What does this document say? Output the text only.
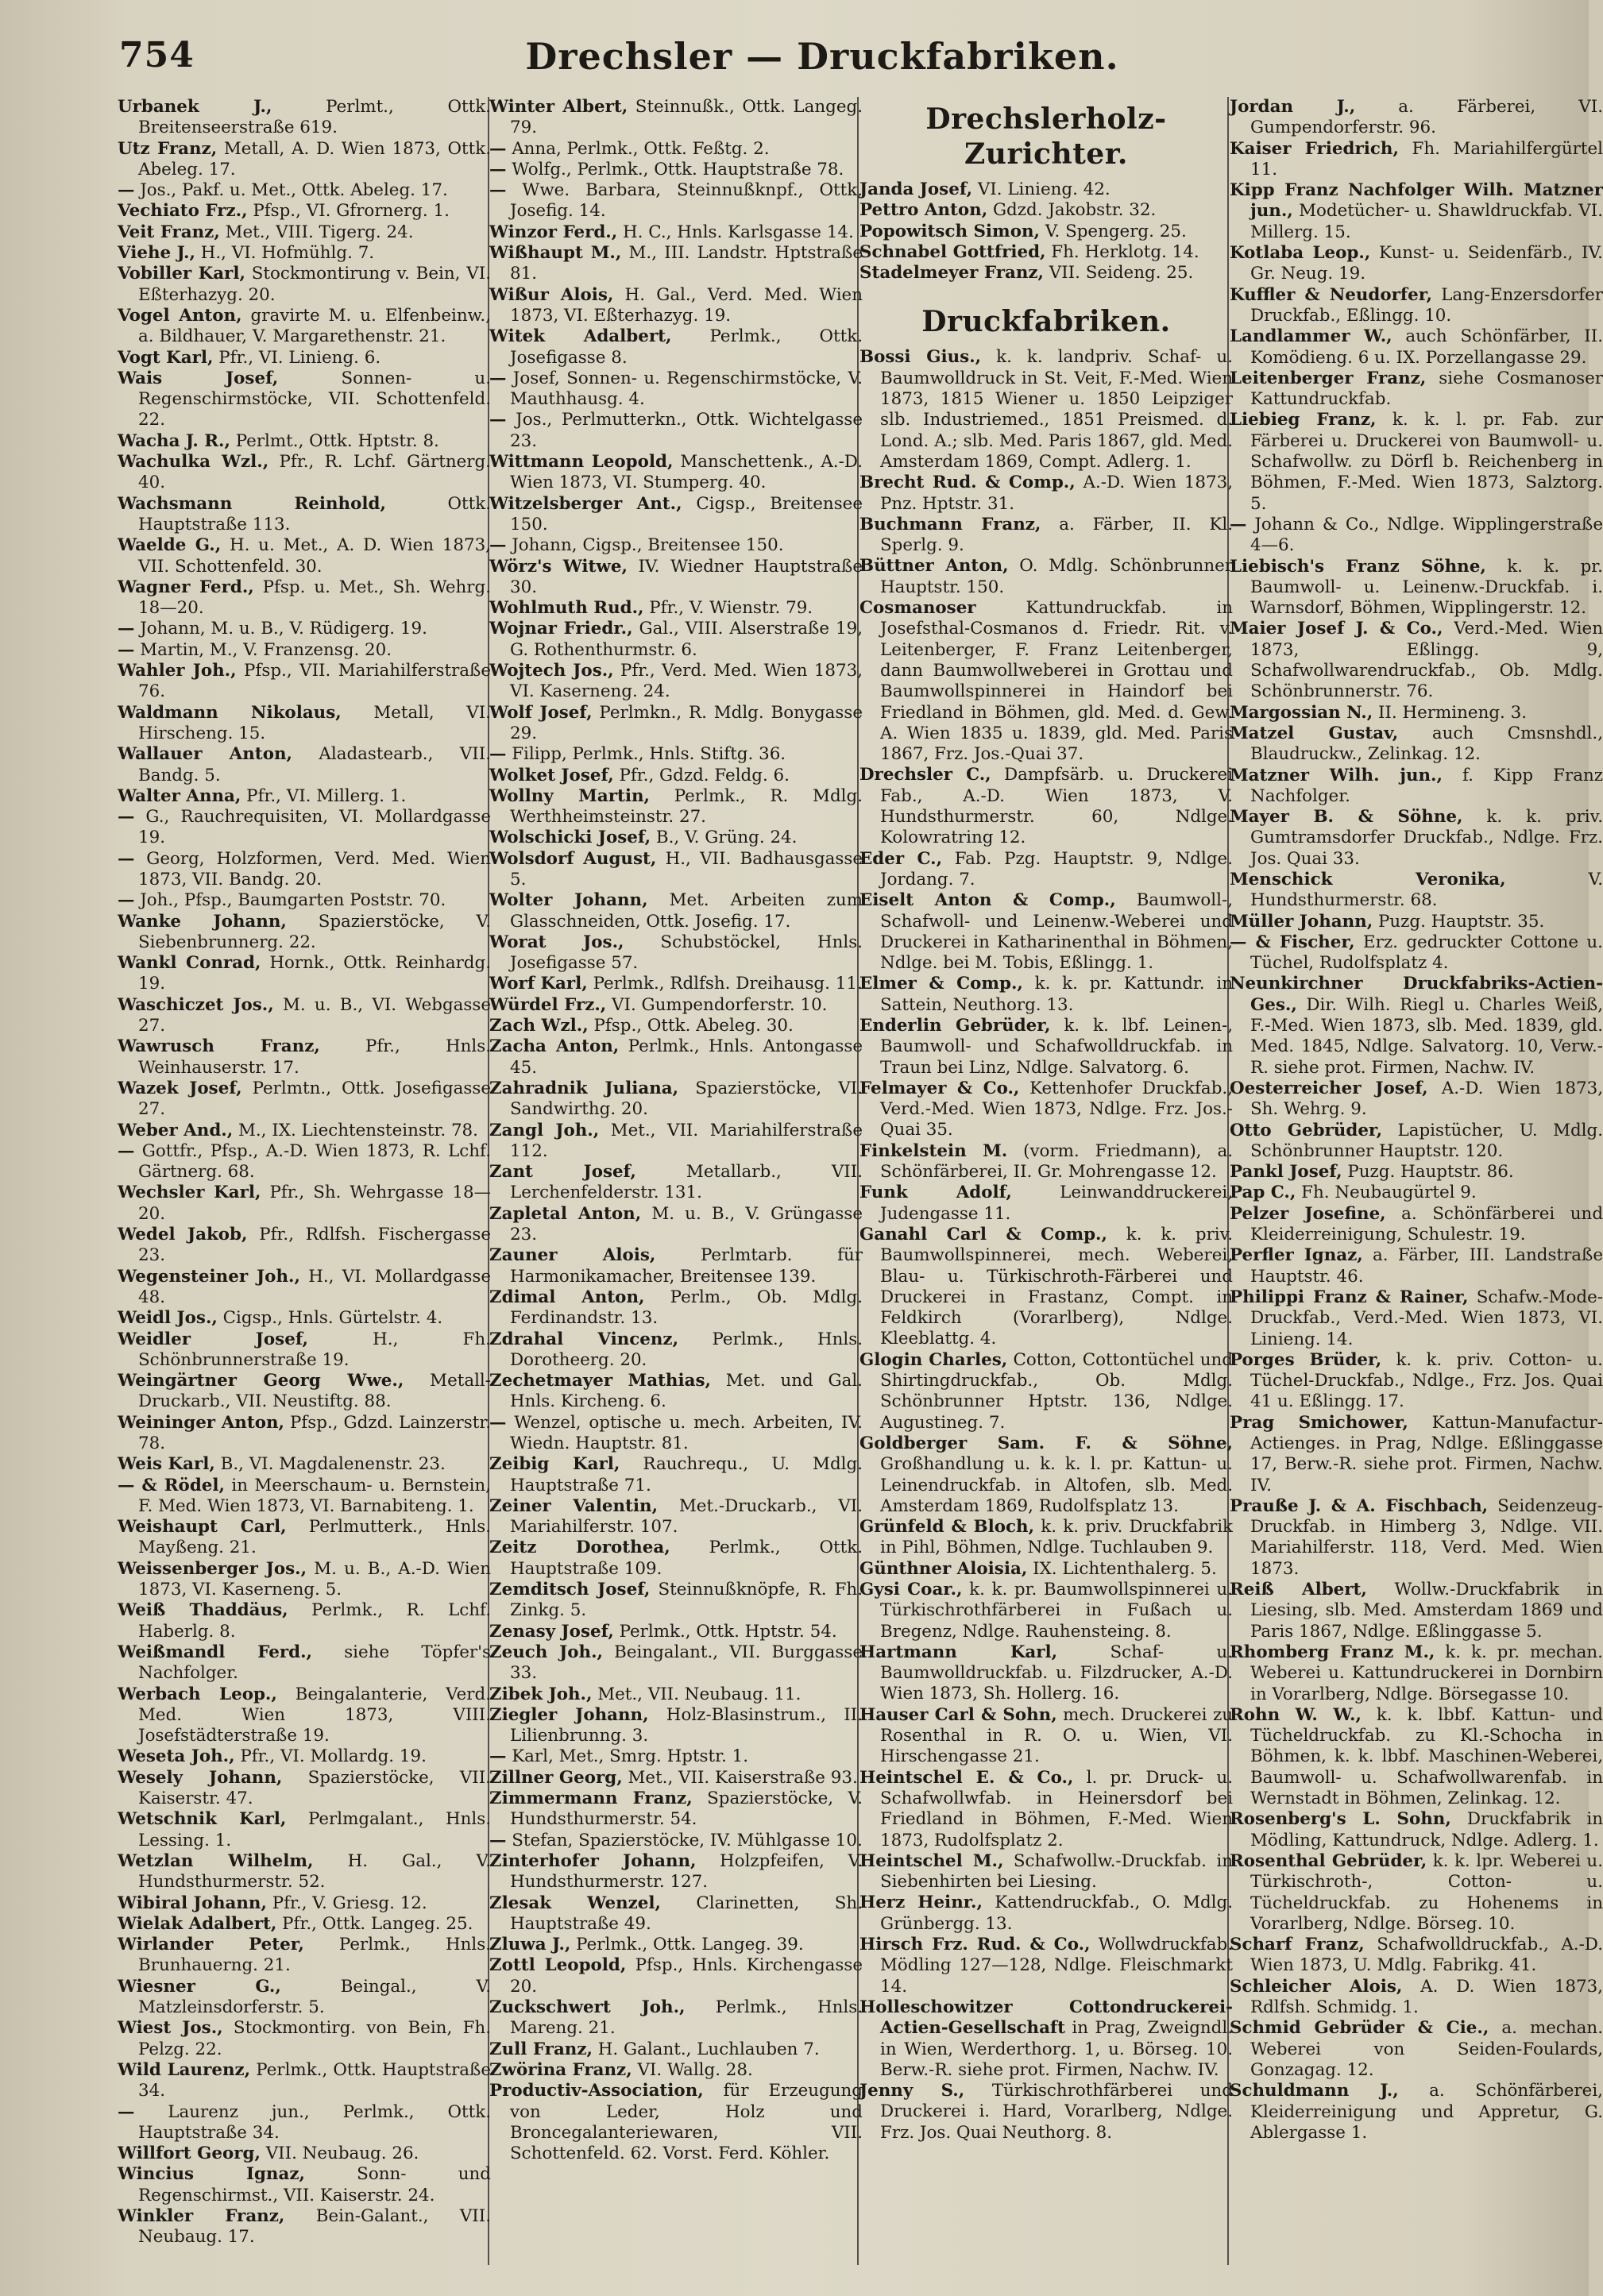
754	Drechsler — Druckfabriken.

Urbanek J., Perlmt., Ottk. Breitenseerstraße 619.

Utz Franz, Metall, A. D. Wien 1873, Ottk. Abeleg. 17.

— Jos., Pakf. u. Met., Ottk. Abeleg. 17.

Vechiato Frz., Pfsp., VI. Gfrornerg. 1.

Veit Franz, Met., VIII. Tigerg. 24.

Viehe J., H., VI. Hofmühlg. 7.

Vobiller Karl, Stockmontirung v. Bein, VI. Eßterhazyg. 20.

Vogel Anton, gravirte M. u. Elfenbeinw., a. Bildhauer, V. Margarethenstr. 21.

Vogt Karl, Pfr., VI. Linieng. 6.

Wais Josef, Sonnen- u. Regenschirmstöcke, VII. Schottenfeld. 22.

Wacha J. R., Perlmt., Ottk. Hptstr. 8.

Wachulka Wzl., Pfr., R. Lchf. Gärtnerg. 40.

Wachsmann Reinhold, Ottk. Hauptstraße 113.

Waelde G., H. u. Met., A. D. Wien 1873, VII. Schottenfeld. 30.

Wagner Ferd., Pfsp. u. Met., Sh. Wehrg. 18—20.

— Johann, M. u. B., V. Rüdigerg. 19.

— Martin, M., V. Franzensg. 20.

Wahler Joh., Pfsp., VII. Mariahilferstraße 76.

Waldmann Nikolaus, Metall, VI. Hirscheng. 15.

Wallauer Anton, Aladastearb., VII. Bandg. 5.

Walter Anna, Pfr., VI. Millerg. 1.

— G., Rauchrequisiten, VI. Mollardgasse 19.

— Georg, Holzformen, Verd. Med. Wien 1873, VII. Bandg. 20.

— Joh., Pfsp., Baumgarten Poststr. 70.

Wanke Johann, Spazierstöcke, V. Siebenbrunnerg. 22.

Wankl Conrad, Hornk., Ottk. Reinhardg. 19.

Waschiczet Jos., M. u. B., VI. Webgasse 27.

Wawrusch Franz, Pfr., Hnls. Weinhauserstr. 17.

Wazek Josef, Perlmtn., Ottk. Josefigasse 27.

Weber And., M., IX. Liechtensteinstr. 78.

— Gottfr., Pfsp., A.-D. Wien 1873, R. Lchf. Gärtnerg. 68.

Wechsler Karl, Pfr., Sh. Wehrgasse 18—20.

Wedel Jakob, Pfr., Rdlfsh. Fischergasse 23.

Wegensteiner Joh., H., VI. Mollardgasse 48.

Weidl Jos., Cigsp., Hnls. Gürtelstr. 4.

Weidler Josef, H., Fh. Schönbrunnerstraße 19.

Weingärtner Georg Wwe., Metall-Druckarb., VII. Neustiftg. 88.

Weininger Anton, Pfsp., Gdzd. Lainzerstr. 78.

Weis Karl, B., VI. Magdalenenstr. 23.

— & Rödel, in Meerschaum- u. Bernstein, F. Med. Wien 1873, VI. Barnabiteng. 1.

Weishaupt Carl, Perlmutterk., Hnls. Mayßeng. 21.

Weissenberger Jos., M. u. B., A.-D. Wien 1873, VI. Kaserneng. 5.

Weiß Thaddäus, Perlmk., R. Lchf. Haberlg. 8.

Weißmandl Ferd., siehe Töpfer's Nachfolger.

Werbach Leop., Beingalanterie, Verd. Med. Wien 1873, VIII. Josefstädterstraße 19.

Weseta Joh., Pfr., VI. Mollardg. 19.

Wesely Johann, Spazierstöcke, VII. Kaiserstr. 47.

Wetschnik Karl, Perlmgalant., Hnls. Lessing. 1.

Wetzlan Wilhelm, H. Gal., V. Hundsthurmerstr. 52.

Wibiral Johann, Pfr., V. Griesg. 12.

Wielak Adalbert, Pfr., Ottk. Langeg. 25.

Wirlander Peter, Perlmk., Hnls. Brunhauerng. 21.

Wiesner G., Beingal., V. Matzleinsdorferstr. 5.

Wiest Jos., Stockmontirg. von Bein, Fh. Pelzg. 22.

Wild Laurenz, Perlmk., Ottk. Hauptstraße 34.

— Laurenz jun., Perlmk., Ottk. Hauptstraße 34.

Willfort Georg, VII. Neubaug. 26.

Wincius Ignaz, Sonn- und Regenschirmst., VII. Kaiserstr. 24.

Winkler Franz, Bein-Galant., VII. Neubaug. 17.

Winter Albert, Steinnußk., Ottk. Langeg. 79.

— Anna, Perlmk., Ottk. Feßtg. 2.

— Wolfg., Perlmk., Ottk. Hauptstraße 78.

— Wwe. Barbara, Steinnußknpf., Ottk. Josefig. 14.

Winzor Ferd., H. C., Hnls. Karlsgasse 14.

Wißhaupt M., M., III. Landstr. Hptstraße 81.

Wißur Alois, H. Gal., Verd. Med. Wien 1873, VI. Eßterhazyg. 19.

Witek Adalbert, Perlmk., Ottk. Josefigasse 8.

— Josef, Sonnen- u. Regenschirmstöcke, V. Mauthhausg. 4.

— Jos., Perlmutterkn., Ottk. Wichtelgasse 23.

Wittmann Leopold, Manschettenk., A.-D. Wien 1873, VI. Stumperg. 40.

Witzelsberger Ant., Cigsp., Breitensee 150.

— Johann, Cigsp., Breitensee 150.

Wörz's Witwe, IV. Wiedner Hauptstraße 30.

Wohlmuth Rud., Pfr., V. Wienstr. 79.

Wojnar Friedr., Gal., VIII. Alserstraße 19, G. Rothenthurmstr. 6.

Wojtech Jos., Pfr., Verd. Med. Wien 1873, VI. Kaserneng. 24.

Wolf Josef, Perlmkn., R. Mdlg. Bonygasse 29.

— Filipp, Perlmk., Hnls. Stiftg. 36.

Wolket Josef, Pfr., Gdzd. Feldg. 6.

Wollny Martin, Perlmk., R. Mdlg. Werthheimsteinstr. 27.

Wolschicki Josef, B., V. Grüng. 24.

Wolsdorf August, H., VII. Badhausgasse 5.

Wolter Johann, Met. Arbeiten zum Glasschneiden, Ottk. Josefig. 17.

Worat Jos., Schubstöckel, Hnls. Josefigasse 57.

Worf Karl, Perlmk., Rdlfsh. Dreihausg. 11.

Würdel Frz., VI. Gumpendorferstr. 10.

Zach Wzl., Pfsp., Ottk. Abeleg. 30.

Zacha Anton, Perlmk., Hnls. Antongasse 45.

Zahradnik Juliana, Spazierstöcke, VI. Sandwirthg. 20.

Zangl Joh., Met., VII. Mariahilferstraße 112.

Zant Josef, Metallarb., VII. Lerchenfelderstr. 131.

Zapletal Anton, M. u. B., V. Grüngasse 23.

Zauner Alois, Perlmtarb. für Harmonikamacher, Breitensee 139.

Zdimal Anton, Perlm., Ob. Mdlg. Ferdinandstr. 13.

Zdrahal Vincenz, Perlmk., Hnls. Dorotheerg. 20.

Zechetmayer Mathias, Met. und Gal. Hnls. Kircheng. 6.

— Wenzel, optische u. mech. Arbeiten, IV. Wiedn. Hauptstr. 81.

Zeibig Karl, Rauchrequ., U. Mdlg. Hauptstraße 71.

Zeiner Valentin, Met.-Druckarb., VI. Mariahilferstr. 107.

Zeitz Dorothea, Perlmk., Ottk. Hauptstraße 109.

Zemditsch Josef, Steinnußknöpfe, R. Fh. Zinkg. 5.

Zenasy Josef, Perlmk., Ottk. Hptstr. 54.

Zeuch Joh., Beingalant., VII. Burggasse 33.

Zibek Joh., Met., VII. Neubaug. 11.

Ziegler Johann, Holz-Blasinstrum., II. Lilienbrunng. 3.

— Karl, Met., Smrg. Hptstr. 1.

Zillner Georg, Met., VII. Kaiserstraße 93.

Zimmermann Franz, Spazierstöcke, V. Hundsthurmerstr. 54.

— Stefan, Spazierstöcke, IV. Mühlgasse 10.

Zinterhofer Johann, Holzpfeifen, V. Hundsthurmerstr. 127.

Zlesak Wenzel, Clarinetten, Sh. Hauptstraße 49.

Zluwa J., Perlmk., Ottk. Langeg. 39.

Zottl Leopold, Pfsp., Hnls. Kirchengasse 20.

Zuckschwert Joh., Perlmk., Hnls. Mareng. 21.

Zull Franz, H. Galant., Luchlauben 7.

Zwörina Franz, VI. Wallg. 28.

Productiv-Association, für Erzeugung von Leder, Holz und Broncegalanteriewaren, VII. Schottenfeld. 62. Vorst. Ferd. Köhler.

Drechslerholz-Zurichter.

Janda Josef, VI. Linieng. 42.

Pettro Anton, Gdzd. Jakobstr. 32.

Popowitsch Simon, V. Spengerg. 25.

Schnabel Gottfried, Fh. Herklotg. 14.

Stadelmeyer Franz, VII. Seideng. 25.

Druckfabriken.

Bossi Gius., k. k. landpriv. Schaf- u. Baumwolldruck in St. Veit, F.-Med. Wien 1873, 1815 Wiener u. 1850 Leipziger slb. Industriemed., 1851 Preismed. d. Lond. A.; slb. Med. Paris 1867, gld. Med. Amsterdam 1869, Compt. Adlerg. 1.

Brecht Rud. & Comp., A.-D. Wien 1873, Pnz. Hptstr. 31.

Buchmann Franz, a. Färber, II. Kl. Sperlg. 9.

Büttner Anton, O. Mdlg. Schönbrunner Hauptstr. 150.

Cosmanoser Kattundruckfab. in Josefsthal-Cosmanos d. Friedr. Rit. v. Leitenberger, F. Franz Leitenberger, dann Baumwollweberei in Grottau und Baumwollspinnerei in Haindorf bei Friedland in Böhmen, gld. Med. d. Gew. A. Wien 1835 u. 1839, gld. Med. Paris 1867, Frz. Jos.-Quai 37.

Drechsler C., Dampfsärb. u. Druckerei Fab., A.-D. Wien 1873, V. Hundsthurmerstr. 60, Ndlge. Kolowratring 12.

Eder C., Fab. Pzg. Hauptstr. 9, Ndlge. Jordang. 7.

Eiselt Anton & Comp., Baumwoll-, Schafwoll- und Leinenw.-Weberei und Druckerei in Katharinenthal in Böhmen, Ndlge. bei M. Tobis, Eßlingg. 1.

Elmer & Comp., k. k. pr. Kattundr. in Sattein, Neuthorg. 13.

Enderlin Gebrüder, k. k. lbf. Leinen-, Baumwoll- und Schafwolldruckfab. in Traun bei Linz, Ndlge. Salvatorg. 6.

Felmayer & Co., Kettenhofer Druckfab., Verd.-Med. Wien 1873, Ndlge. Frz. Jos.-Quai 35.

Finkelstein M. (vorm. Friedmann), a. Schönfärberei, II. Gr. Mohrengasse 12.

Funk Adolf, Leinwanddruckerei, Judengasse 11.

Ganahl Carl & Comp., k. k. priv. Baumwollspinnerei, mech. Weberei, Blau- u. Türkischroth-Färberei und Druckerei in Frastanz, Compt. in Feldkirch (Vorarlberg), Ndlge. Kleeblattg. 4.

Glogin Charles, Cotton, Cottontüchel und Shirtingdruckfab., Ob. Mdlg. Schönbrunner Hptstr. 136, Ndlge. Augustineg. 7.

Goldberger Sam. F. & Söhne, Großhandlung u. k. k. l. pr. Kattun- u. Leinendruckfab. in Altofen, slb. Med. Amsterdam 1869, Rudolfsplatz 13.

Grünfeld & Bloch, k. k. priv. Druckfabrik in Pihl, Böhmen, Ndlge. Tuchlauben 9.

Günthner Aloisia, IX. Lichtenthalerg. 5.

Gysi Coar., k. k. pr. Baumwollspinnerei u. Türkischrothfärberei in Fußach u. Bregenz, Ndlge. Rauhensteing. 8.

Hartmann Karl, Schaf- u. Baumwolldruckfab. u. Filzdrucker, A.-D. Wien 1873, Sh. Hollerg. 16.

Hauser Carl & Sohn, mech. Druckerei zu Rosenthal in R. O. u. Wien, VI. Hirschengasse 21.

Heintschel E. & Co., l. pr. Druck- u. Schafwollwfab. in Heinersdorf bei Friedland in Böhmen, F.-Med. Wien 1873, Rudolfsplatz 2.

Heintschel M., Schafwollw.-Druckfab. in Siebenhirten bei Liesing.

Herz Heinr., Kattendruckfab., O. Mdlg. Grünbergg. 13.

Hirsch Frz. Rud. & Co., Wollwdruckfab. Mödling 127—128, Ndlge. Fleischmarkt 14.

Holleschowitzer Cottondruckerei-Actien-Gesellschaft in Prag, Zweigndl. in Wien, Werderthorg. 1, u. Börseg. 10. Berw.-R. siehe prot. Firmen, Nachw. IV.

Jenny S., Türkischrothfärberei und Druckerei i. Hard, Vorarlberg, Ndlge. Frz. Jos. Quai Neuthorg. 8.

Jordan J., a. Färberei, VI. Gumpendorferstr. 96.

Kaiser Friedrich, Fh. Mariahilfergürtel 11.

Kipp Franz Nachfolger Wilh. Matzner jun., Modetücher- u. Shawldruckfab. VI. Millerg. 15.

Kotlaba Leop., Kunst- u. Seidenfärb., IV. Gr. Neug. 19.

Kuffler & Neudorfer, Lang-Enzersdorfer Druckfab., Eßlingg. 10.

Landlammer W., auch Schönfärber, II. Komödieng. 6 u. IX. Porzellangasse 29.

Leitenberger Franz, siehe Cosmanoser Kattundruckfab.

Liebieg Franz, k. k. l. pr. Fab. zur Färberei u. Druckerei von Baumwoll- u. Schafwollw. zu Dörfl b. Reichenberg in Böhmen, F.-Med. Wien 1873, Salztorg. 5.

— Johann & Co., Ndlge. Wipplingerstraße 4—6.

Liebisch's Franz Söhne, k. k. pr. Baumwoll- u. Leinenw.-Druckfab. i. Warnsdorf, Böhmen, Wipplingerstr. 12.

Maier Josef J. & Co., Verd.-Med. Wien 1873, Eßlingg. 9, Schafwollwarendruckfab., Ob. Mdlg. Schönbrunnerstr. 76.

Margossian N., II. Hermineng. 3.

Matzel Gustav, auch Cmsnshdl., Blaudruckw., Zelinkag. 12.

Matzner Wilh. jun., f. Kipp Franz Nachfolger.

Mayer B. & Söhne, k. k. priv. Gumtramsdorfer Druckfab., Ndlge. Frz. Jos. Quai 33.

Menschick Veronika, V. Hundsthurmerstr. 68.

Müller Johann, Puzg. Hauptstr. 35.

— & Fischer, Erz. gedruckter Cottone u. Tüchel, Rudolfsplatz 4.

Neunkirchner Druckfabriks-Actien-Ges., Dir. Wilh. Riegl u. Charles Weiß, F.-Med. Wien 1873, slb. Med. 1839, gld. Med. 1845, Ndlge. Salvatorg. 10, Verw.-R. siehe prot. Firmen, Nachw. IV.

Oesterreicher Josef, A.-D. Wien 1873, Sh. Wehrg. 9.

Otto Gebrüder, Lapistücher, U. Mdlg. Schönbrunner Hauptstr. 120.

Pankl Josef, Puzg. Hauptstr. 86.

Pap C., Fh. Neubaugürtel 9.

Pelzer Josefine, a. Schönfärberei und Kleiderreinigung, Schulestr. 19.

Perfler Ignaz, a. Färber, III. Landstraße Hauptstr. 46.

Philippi Franz & Rainer, Schafw.-Mode-Druckfab., Verd.-Med. Wien 1873, VI. Linieng. 14.

Porges Brüder, k. k. priv. Cotton- u. Tüchel-Druckfab., Ndlge., Frz. Jos. Quai 41 u. Eßlingg. 17.

Prag Smichower, Kattun-Manufactur-Actienges. in Prag, Ndlge. Eßlinggasse 17, Berw.-R. siehe prot. Firmen, Nachw. IV.

Prauße J. & A. Fischbach, Seidenzeug-Druckfab. in Himberg 3, Ndlge. VII. Mariahilferstr. 118, Verd. Med. Wien 1873.

Reiß Albert, Wollw.-Druckfabrik in Liesing, slb. Med. Amsterdam 1869 und Paris 1867, Ndlge. Eßlinggasse 5.

Rhomberg Franz M., k. k. pr. mechan. Weberei u. Kattundruckerei in Dornbirn in Vorarlberg, Ndlge. Börsegasse 10.

Rohn W. W., k. k. lbbf. Kattun- und Tücheldruckfab. zu Kl.-Schocha in Böhmen, k. k. lbbf. Maschinen-Weberei, Baumwoll- u. Schafwollwarenfab. in Wernstadt in Böhmen, Zelinkag. 12.

Rosenberg's L. Sohn, Druckfabrik in Mödling, Kattundruck, Ndlge. Adlerg. 1.

Rosenthal Gebrüder, k. k. lpr. Weberei u. Türkischroth-, Cotton- u. Tücheldruckfab. zu Hohenems in Vorarlberg, Ndlge. Börseg. 10.

Scharf Franz, Schafwolldruckfab., A.-D. Wien 1873, U. Mdlg. Fabrikg. 41.

Schleicher Alois, A. D. Wien 1873, Rdlfsh. Schmidg. 1.

Schmid Gebrüder & Cie., a. mechan. Weberei von Seiden-Foulards, Gonzagag. 12.

Schuldmann J., a. Schönfärberei, Kleiderreinigung und Appretur, G. Ablergasse 1.
